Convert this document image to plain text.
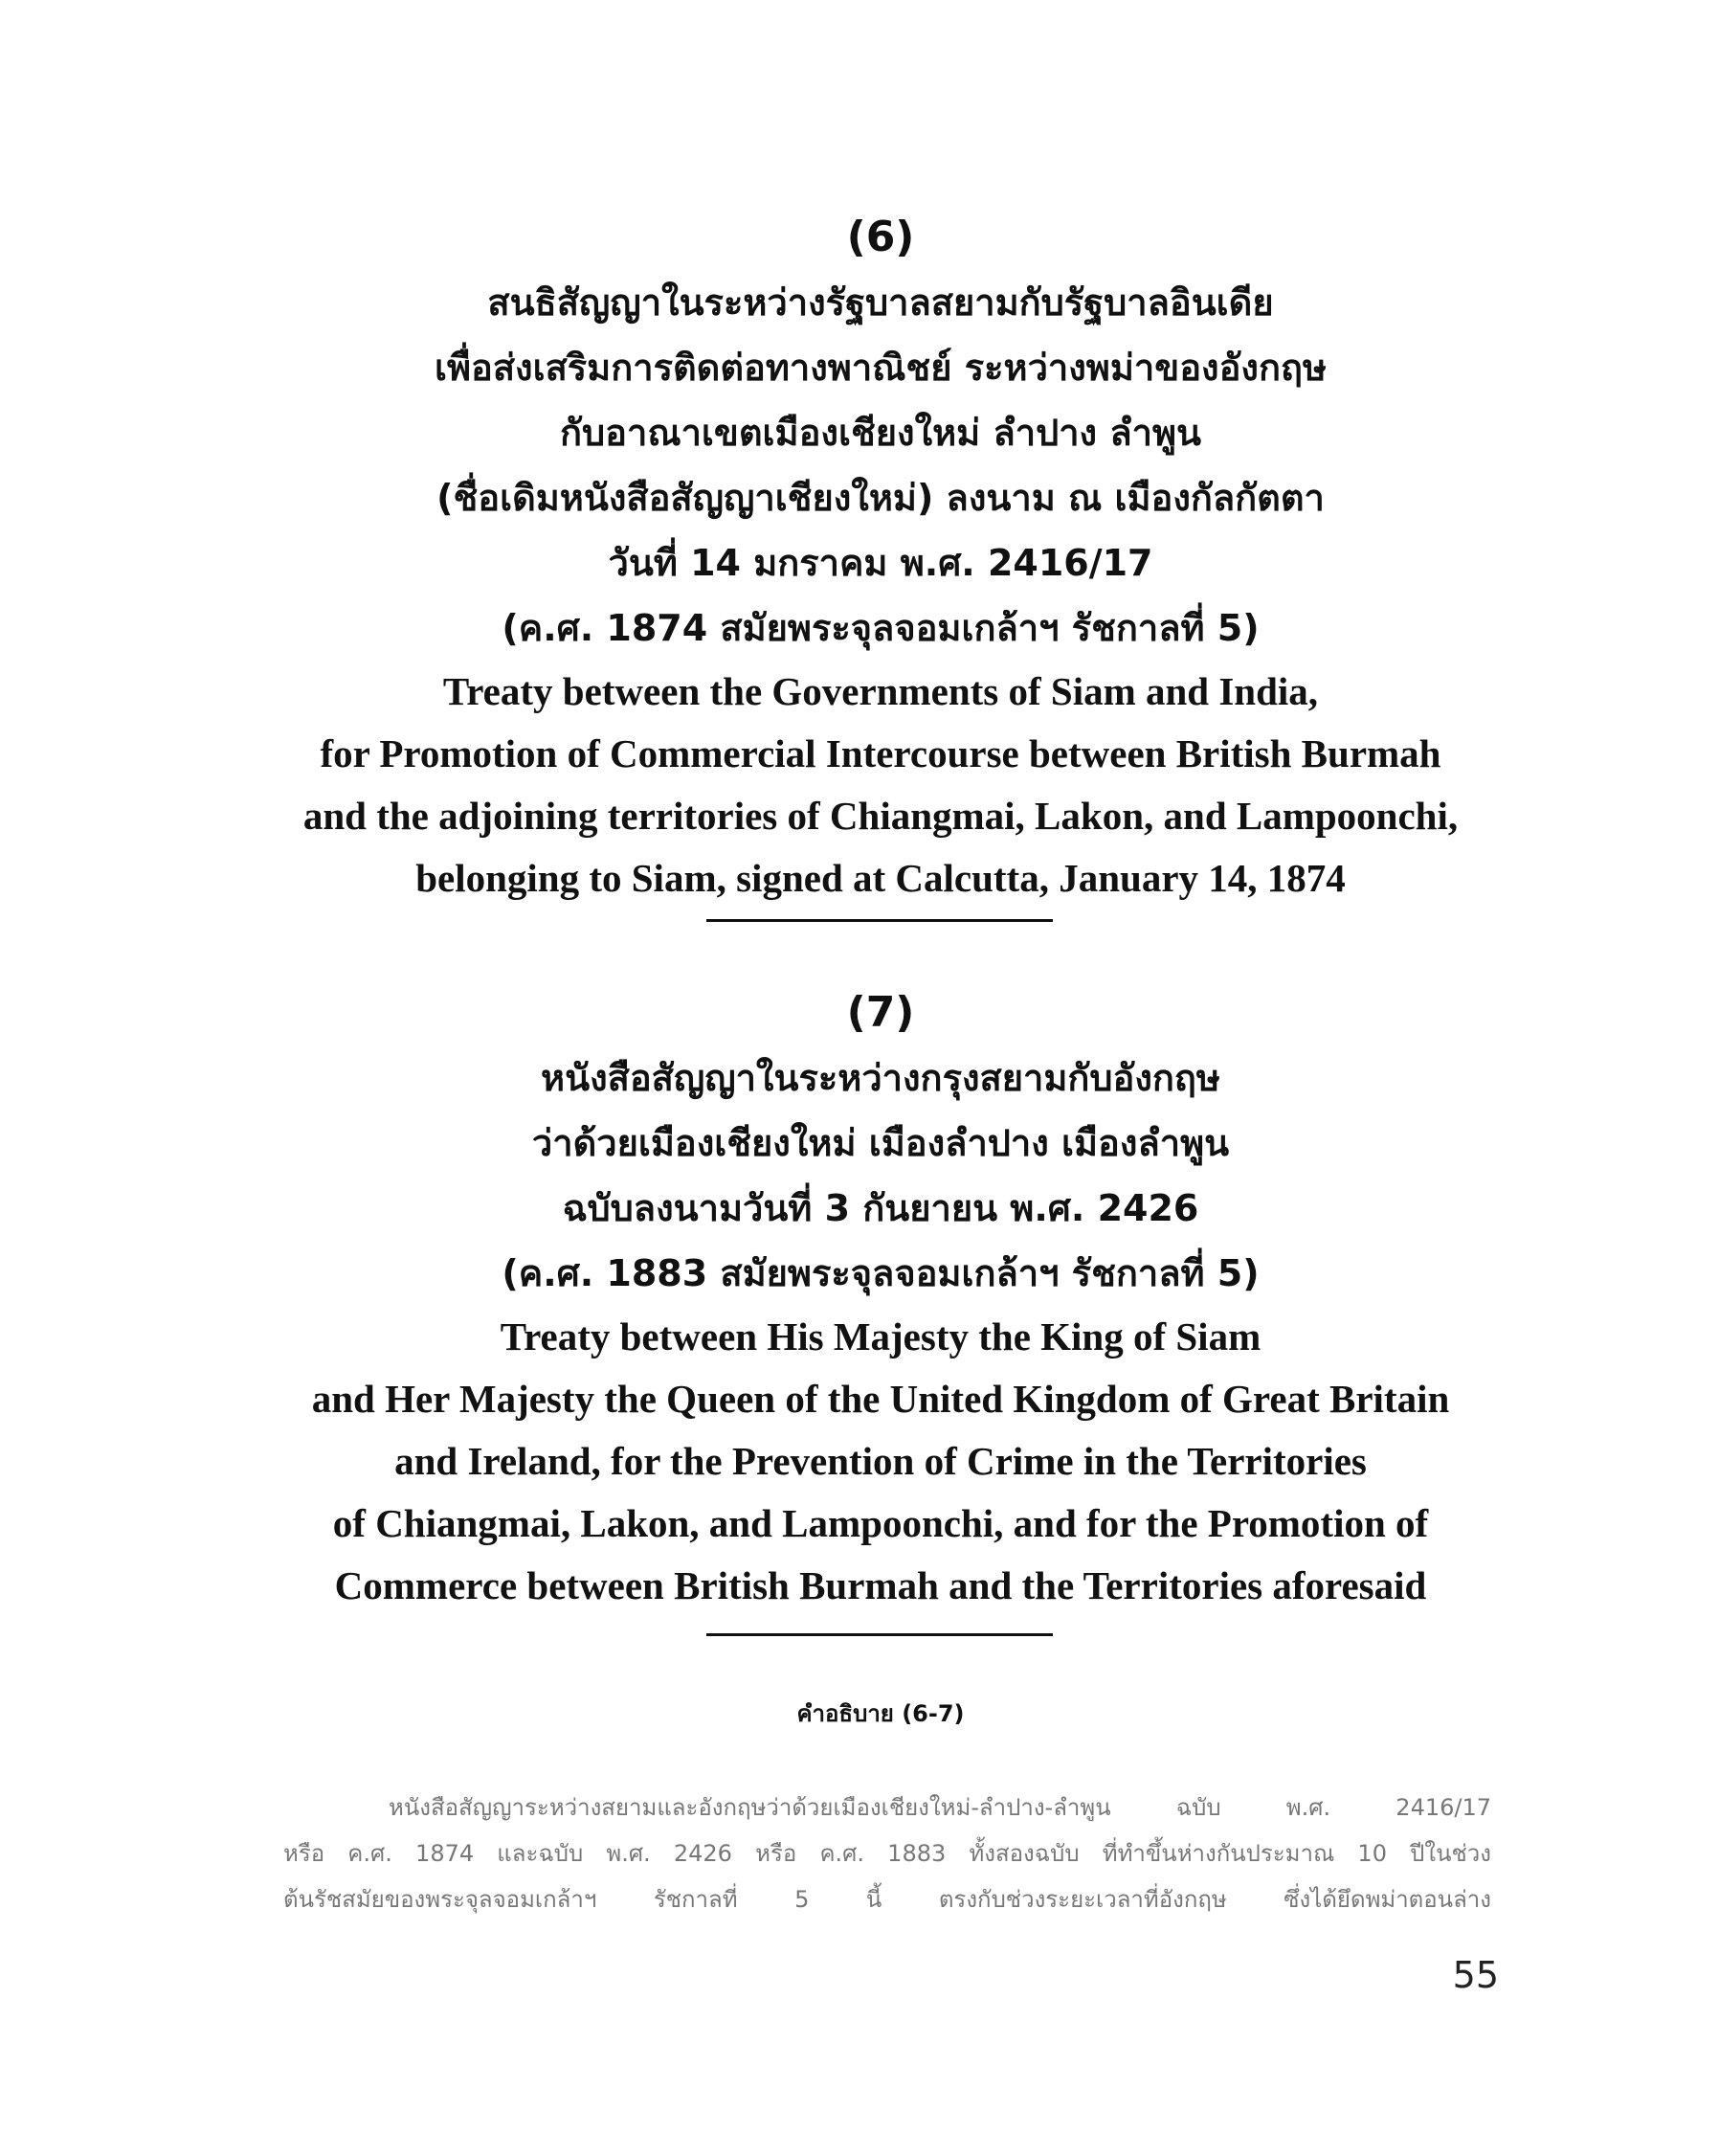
(6)
สนธิสัญญาในระหว่างรัฐบาลสยามกับรัฐบาลอินเดีย
เพื่อส่งเสริมการติดต่อทางพาณิชย์ ระหว่างพม่าของอังกฤษ
กับอาณาเขตเมืองเชียงใหม่ ลำปาง ลำพูน
(ชื่อเดิมหนังสือสัญญาเชียงใหม่) ลงนาม ณ เมืองกัลกัตตา
วันที่ 14 มกราคม พ.ศ. 2416/17
(ค.ศ. 1874 สมัยพระจุลจอมเกล้าฯ รัชกาลที่ 5)
Treaty between the Governments of Siam and India,
for Promotion of Commercial Intercourse between British Burmah
and the adjoining territories of Chiangmai, Lakon, and Lampoonchi,
belonging to Siam, signed at Calcutta, January 14, 1874
(7)
หนังสือสัญญาในระหว่างกรุงสยามกับอังกฤษ
ว่าด้วยเมืองเชียงใหม่ เมืองลำปาง เมืองลำพูน
ฉบับลงนามวันที่ 3 กันยายน พ.ศ. 2426
(ค.ศ. 1883 สมัยพระจุลจอมเกล้าฯ รัชกาลที่ 5)
Treaty between His Majesty the King of Siam
and Her Majesty the Queen of the United Kingdom of Great Britain
and Ireland, for the Prevention of Crime in the Territories
of Chiangmai, Lakon, and Lampoonchi, and for the Promotion of
Commerce between British Burmah and the Territories aforesaid
คำอธิบาย (6-7)
หนังสือสัญญาระหว่างสยามและอังกฤษว่าด้วยเมืองเชียงใหม่-ลำปาง-ลำพูน ฉบับ พ.ศ. 2416/17
หรือ ค.ศ. 1874 และฉบับ พ.ศ. 2426 หรือ ค.ศ. 1883 ทั้งสองฉบับ ที่ทำขึ้นห่างกันประมาณ 10 ปีในช่วง
ต้นรัชสมัยของพระจุลจอมเกล้าฯ รัชกาลที่ 5 นี้ ตรงกับช่วงระยะเวลาที่อังกฤษ ซึ่งได้ยึดพม่าตอนล่าง
55
